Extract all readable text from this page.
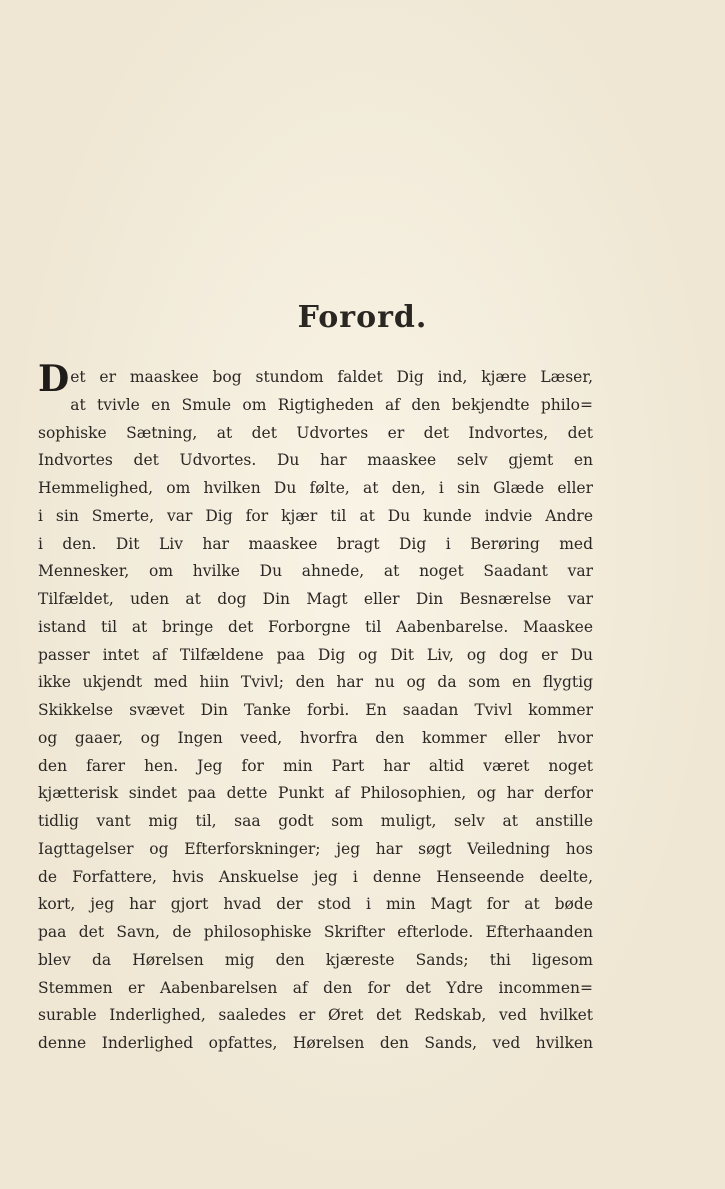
Forord.
D et er maaskee bog stundom faldet Dig ind, kjære Læser,
at tvivle en Smule om Rigtigheden af den bekjendte philo=
sophiske Sætning, at det Udvortes er det Indvortes, det
Indvortes det Udvortes. Du har maaskee selv gjemt en
Hemmelighed, om hvilken Du følte, at den, i sin Glæde eller
i sin Smerte, var Dig for kjær til at Du kunde indvie Andre
i den. Dit Liv har maaskee bragt Dig i Berøring med
Mennesker, om hvilke Du ahnede, at noget Saadant var
Tilfældet, uden at dog Din Magt eller Din Besnærelse var
istand til at bringe det Forborgne til Aabenbarelse. Maaskee
passer intet af Tilfældene paa Dig og Dit Liv, og dog er Du
ikke ukjendt med hiin Tvivl; den har nu og da som en flygtig
Skikkelse svævet Din Tanke forbi. En saadan Tvivl kommer
og gaaer, og Ingen veed, hvorfra den kommer eller hvor
den farer hen. Jeg for min Part har altid været noget
kjætterisk sindet paa dette Punkt af Philosophien, og har derfor
tidlig vant mig til, saa godt som muligt, selv at anstille
Iagttagelser og Efterforskninger; jeg har søgt Veiledning hos
de Forfattere, hvis Anskuelse jeg i denne Henseende deelte,
kort, jeg har gjort hvad der stod i min Magt for at bøde
paa det Savn, de philosophiske Skrifter efterlode. Efterhaanden
blev da Hørelsen mig den kjæreste Sands; thi ligesom
Stemmen er Aabenbarelsen af den for det Ydre incommen=
surable Inderlighed, saaledes er Øret det Redskab, ved hvilket
denne Inderlighed opfattes, Hørelsen den Sands, ved hvilken
